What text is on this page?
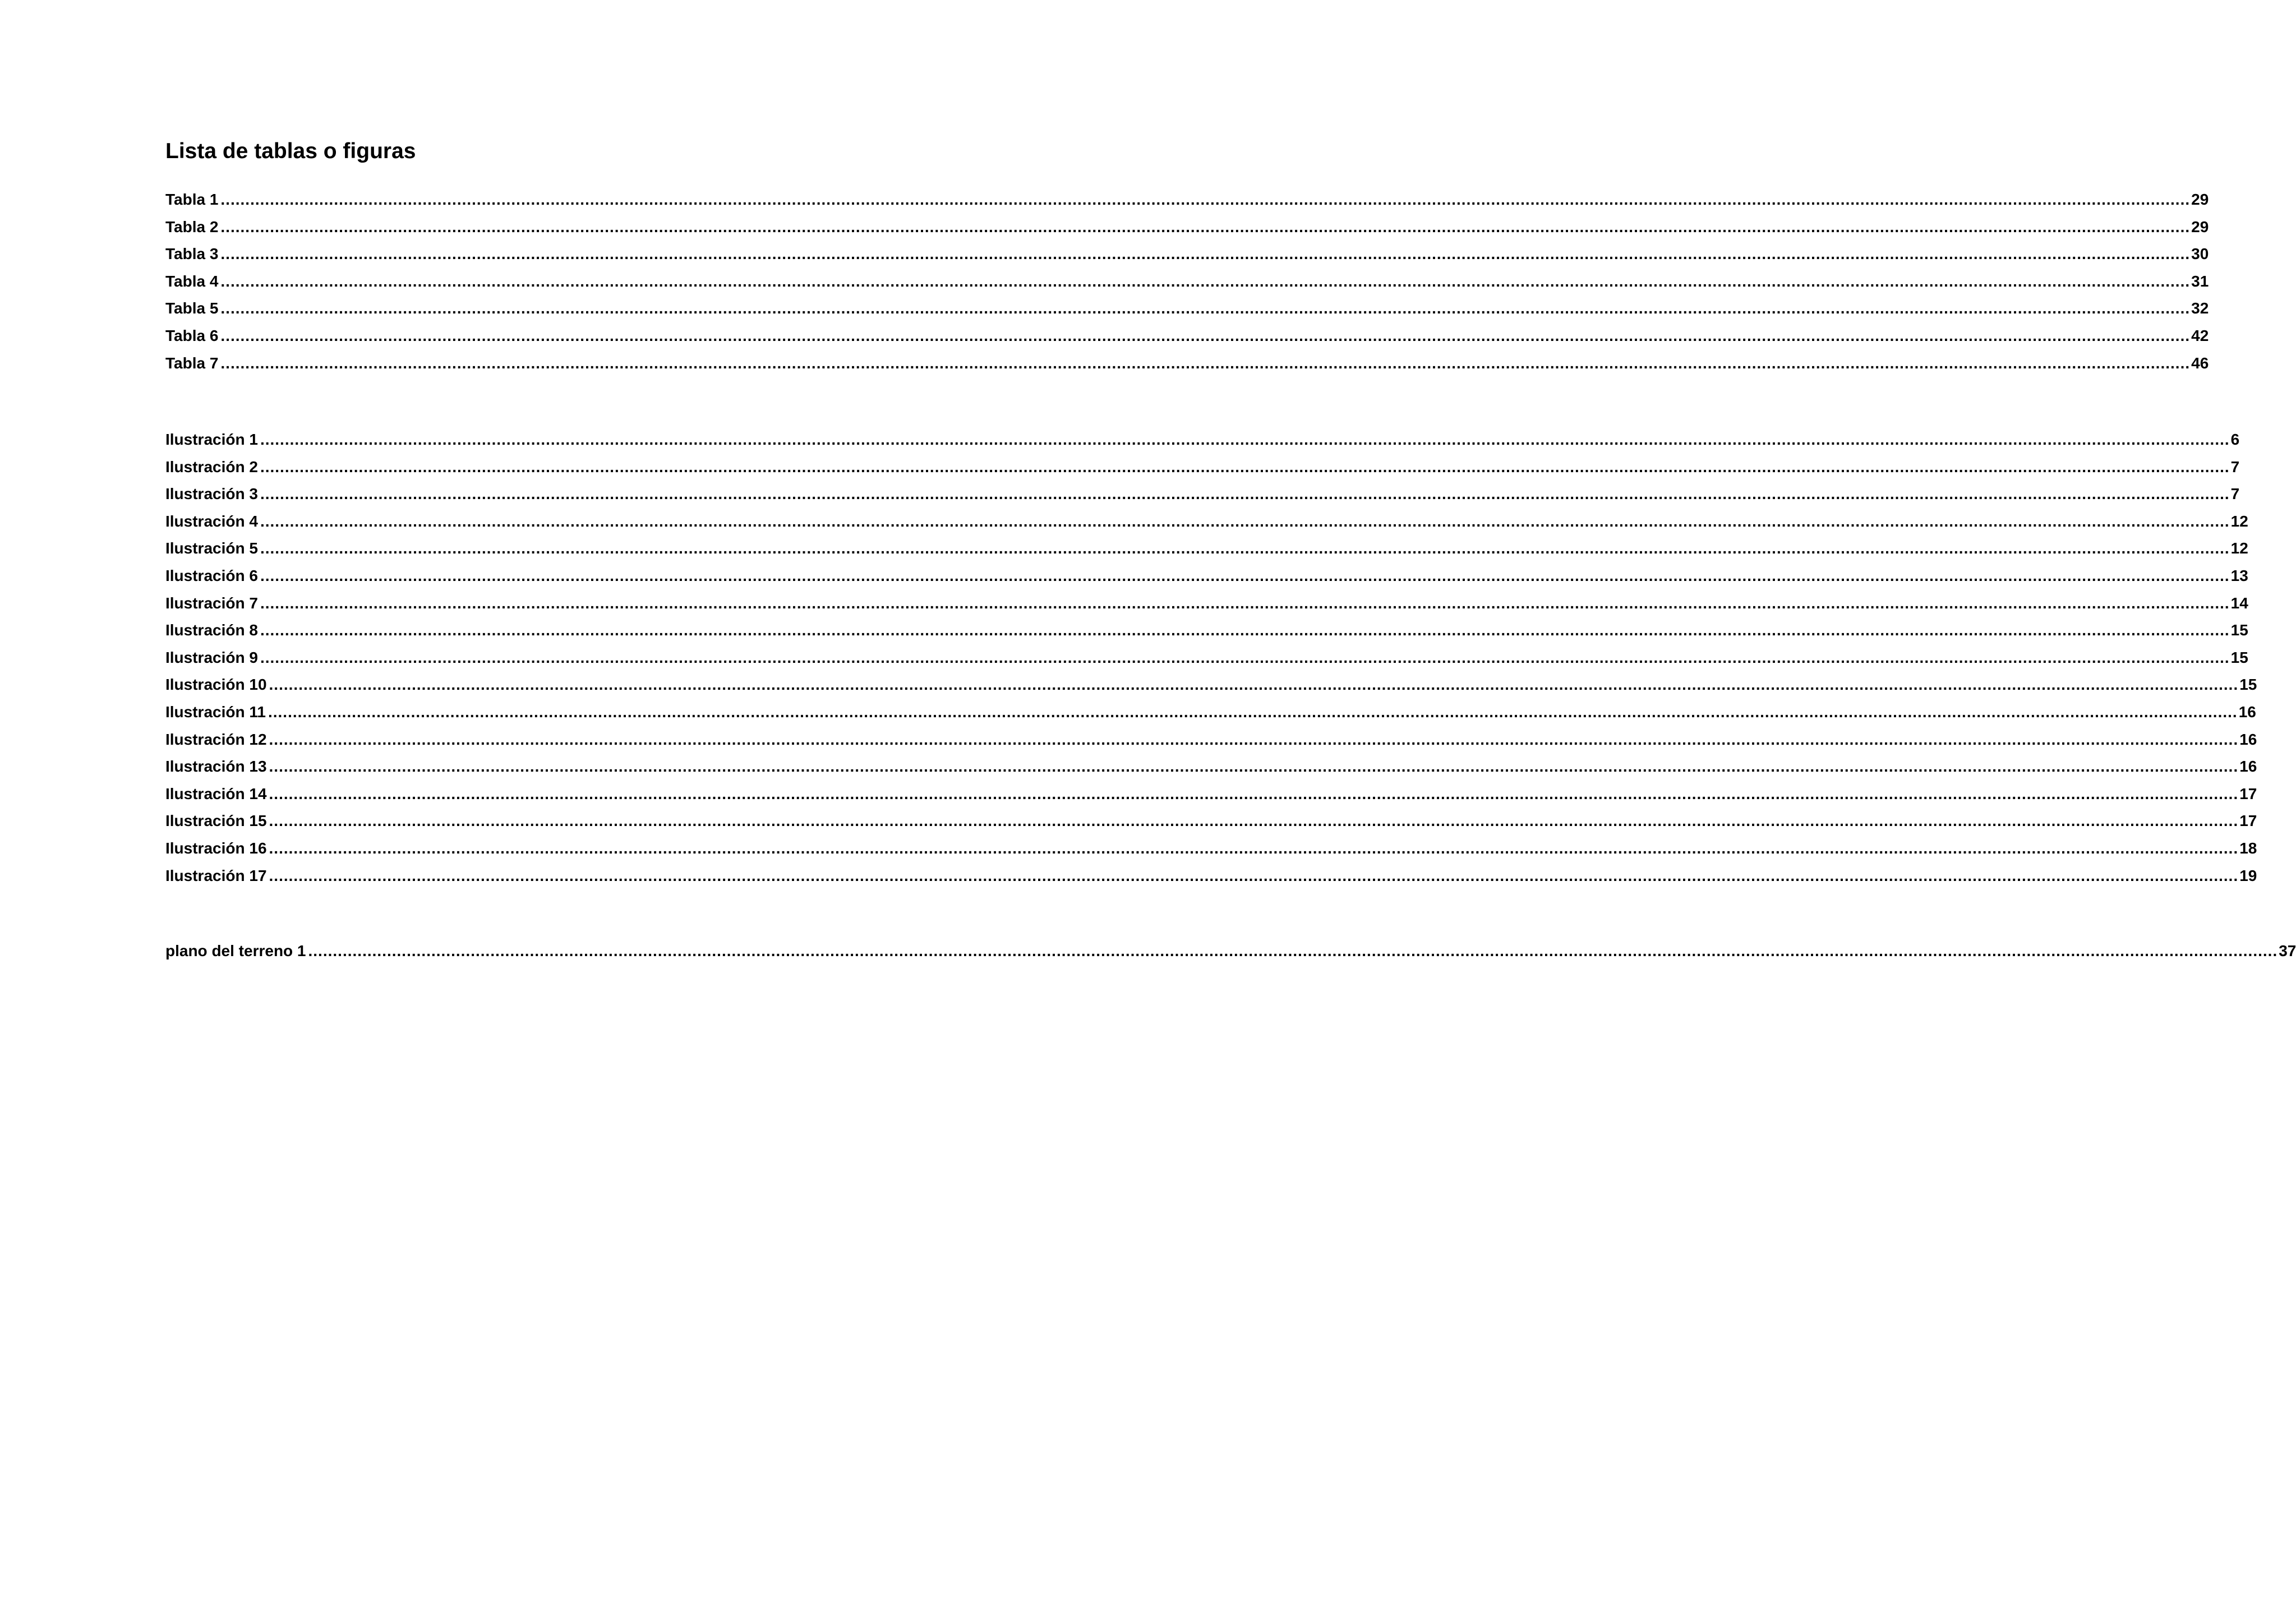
Lista de tablas o figuras
Tabla 1 ................................................................................................................................................................................................................................................................................................................................................................................................................ 29
Tabla 2 ................................................................................................................................................................................................................................................................................................................................................................................................................ 29
Tabla 3 ................................................................................................................................................................................................................................................................................................................................................................................................................ 30
Tabla 4 ................................................................................................................................................................................................................................................................................................................................................................................................................ 31
Tabla 5 ................................................................................................................................................................................................................................................................................................................................................................................................................ 32
Tabla 6 ................................................................................................................................................................................................................................................................................................................................................................................................................ 42
Tabla 7 ................................................................................................................................................................................................................................................................................................................................................................................................................ 46
Ilustración 1 ................................................................................................................................................................................................................................................................................................................................................................................................................ 6
Ilustración 2 ................................................................................................................................................................................................................................................................................................................................................................................................................ 7
Ilustración 3 ................................................................................................................................................................................................................................................................................................................................................................................................................ 7
Ilustración 4 ................................................................................................................................................................................................................................................................................................................................................................................................................ 12
Ilustración 5 ................................................................................................................................................................................................................................................................................................................................................................................................................ 12
Ilustración 6 ................................................................................................................................................................................................................................................................................................................................................................................................................ 13
Ilustración 7 ................................................................................................................................................................................................................................................................................................................................................................................................................ 14
Ilustración 8 ................................................................................................................................................................................................................................................................................................................................................................................................................ 15
Ilustración 9 ................................................................................................................................................................................................................................................................................................................................................................................................................ 15
Ilustración 10 ................................................................................................................................................................................................................................................................................................................................................................................................................ 15
Ilustración 11 ................................................................................................................................................................................................................................................................................................................................................................................................................ 16
Ilustración 12 ................................................................................................................................................................................................................................................................................................................................................................................................................ 16
Ilustración 13 ................................................................................................................................................................................................................................................................................................................................................................................................................ 16
Ilustración 14 ................................................................................................................................................................................................................................................................................................................................................................................................................ 17
Ilustración 15 ................................................................................................................................................................................................................................................................................................................................................................................................................ 17
Ilustración 16 ................................................................................................................................................................................................................................................................................................................................................................................................................ 18
Ilustración 17 ................................................................................................................................................................................................................................................................................................................................................................................................................ 19
plano del terreno 1 ................................................................................................................................................................................................................................................................................................................................................................................................................ 37
